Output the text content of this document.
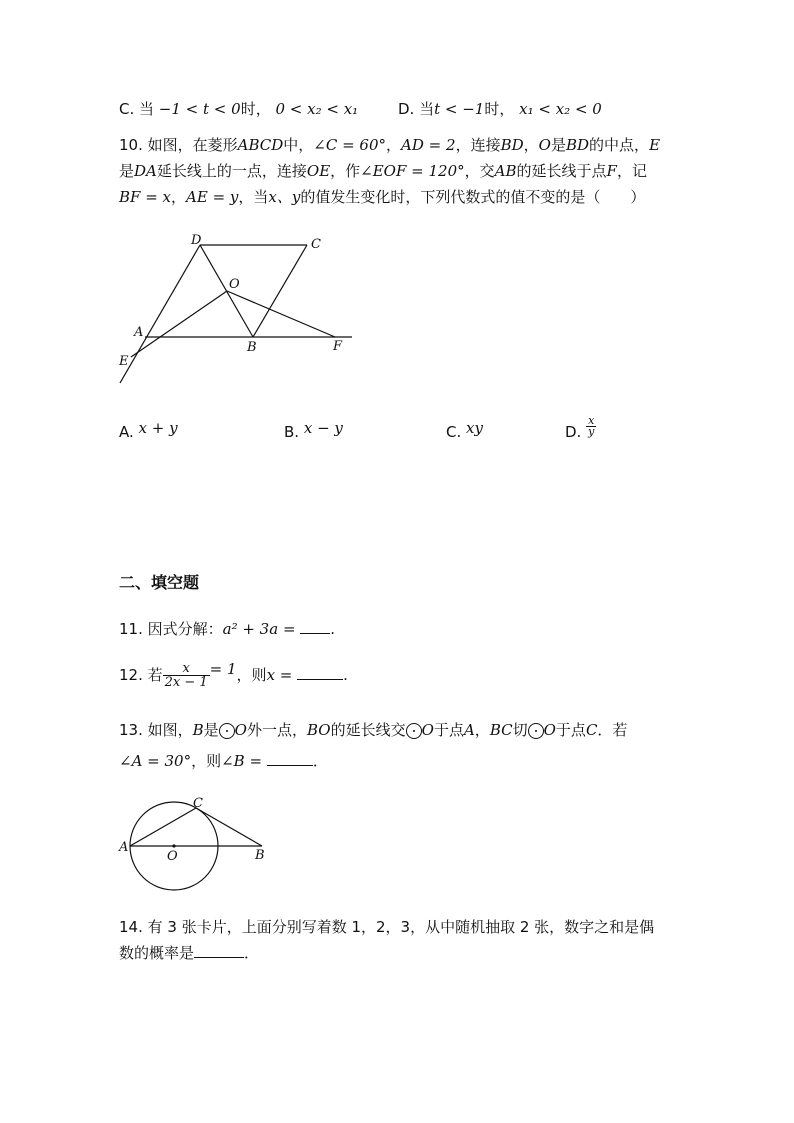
C. 当 −1 < t < 0时， 0 < x₂ < x₁	D. 当t < −1时， x₁ < x₂ < 0
10. 如图，在菱形ABCD中，∠C = 60°，AD = 2，连接BD，O是BD的中点，E
是DA延长线上的一点，连接OE，作∠EOF = 120°，交AB的延长线于点F，记
BF = x，AE = y，当x、y的值发生变化时，下列代数式的值不变的是（　　）
D	C
O
A
B	F
E
A. x + y	B. x − y	C. xy	D. $\frac{x}{y}$
二、填空题
11. 因式分解：a² + 3a = .
12. 若 $\frac{x}{2x - 1} = 1$，则x =	.
13. 如图，B是 O外一点，BO的延长线交 O于点A，BC切 O于点C．若
∠A = 30°，则∠B =	．
A
O	B
C
14. 有 3 张卡片，上面分别写着数 1，2，3，从中随机抽取 2 张，数字之和是偶
数的概率是	．
